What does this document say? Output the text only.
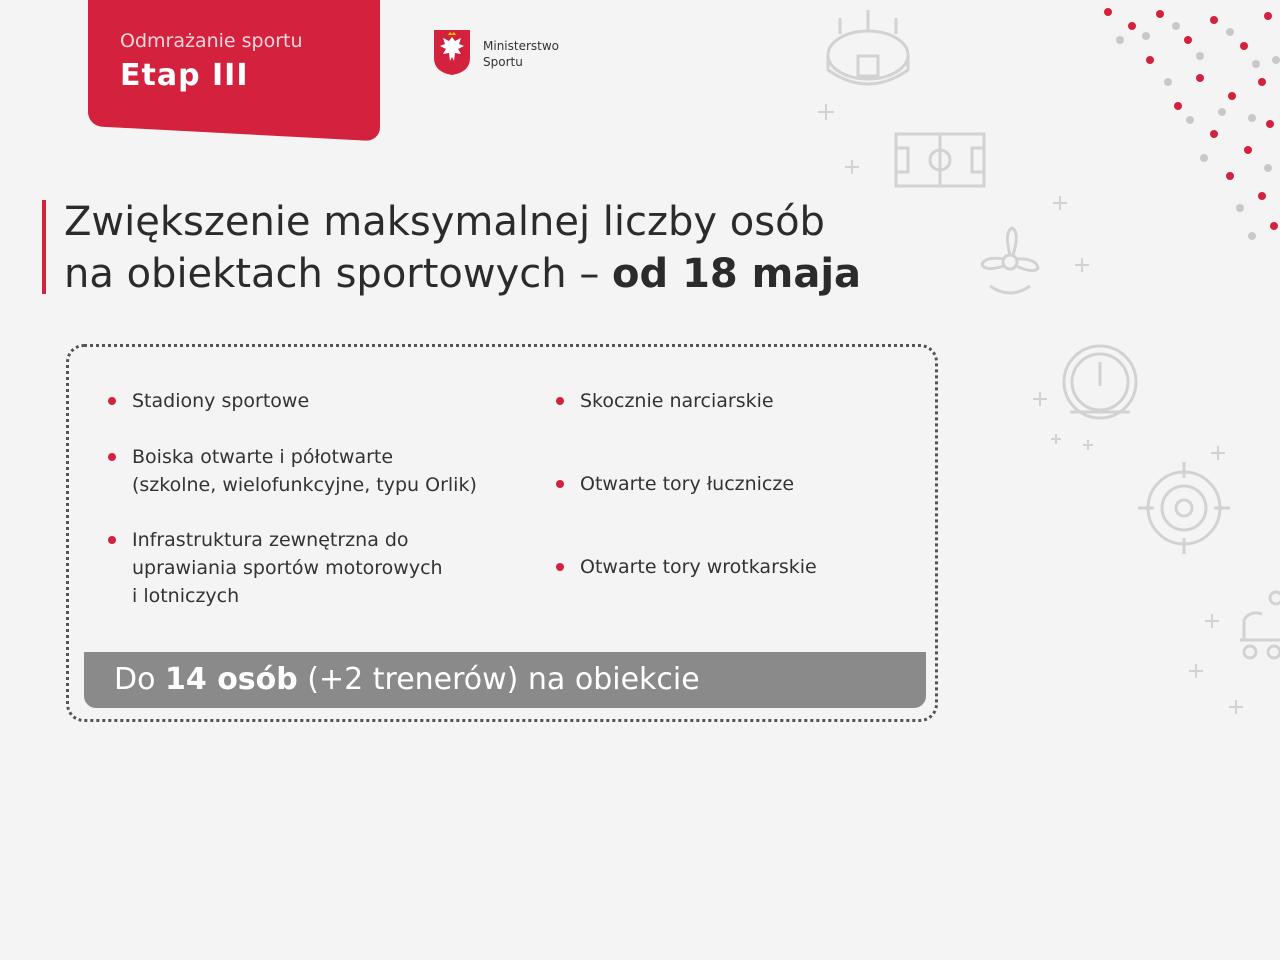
Odmrażanie sportu
Etap III
Ministerstwo
Sportu
Zwiększenie maksymalnej liczby osób
na obiektach sportowych – od 18 maja
Stadiony sportowe
Boiska otwarte i półotwarte
(szkolne, wielofunkcyjne, typu Orlik)
Infrastruktura zewnętrzna do
uprawiania sportów motorowych
i lotniczych
Skocznie narciarskie
Otwarte tory łucznicze
Otwarte tory wrotkarskie
Do 14 osób (+2 trenerów) na obiekcie
